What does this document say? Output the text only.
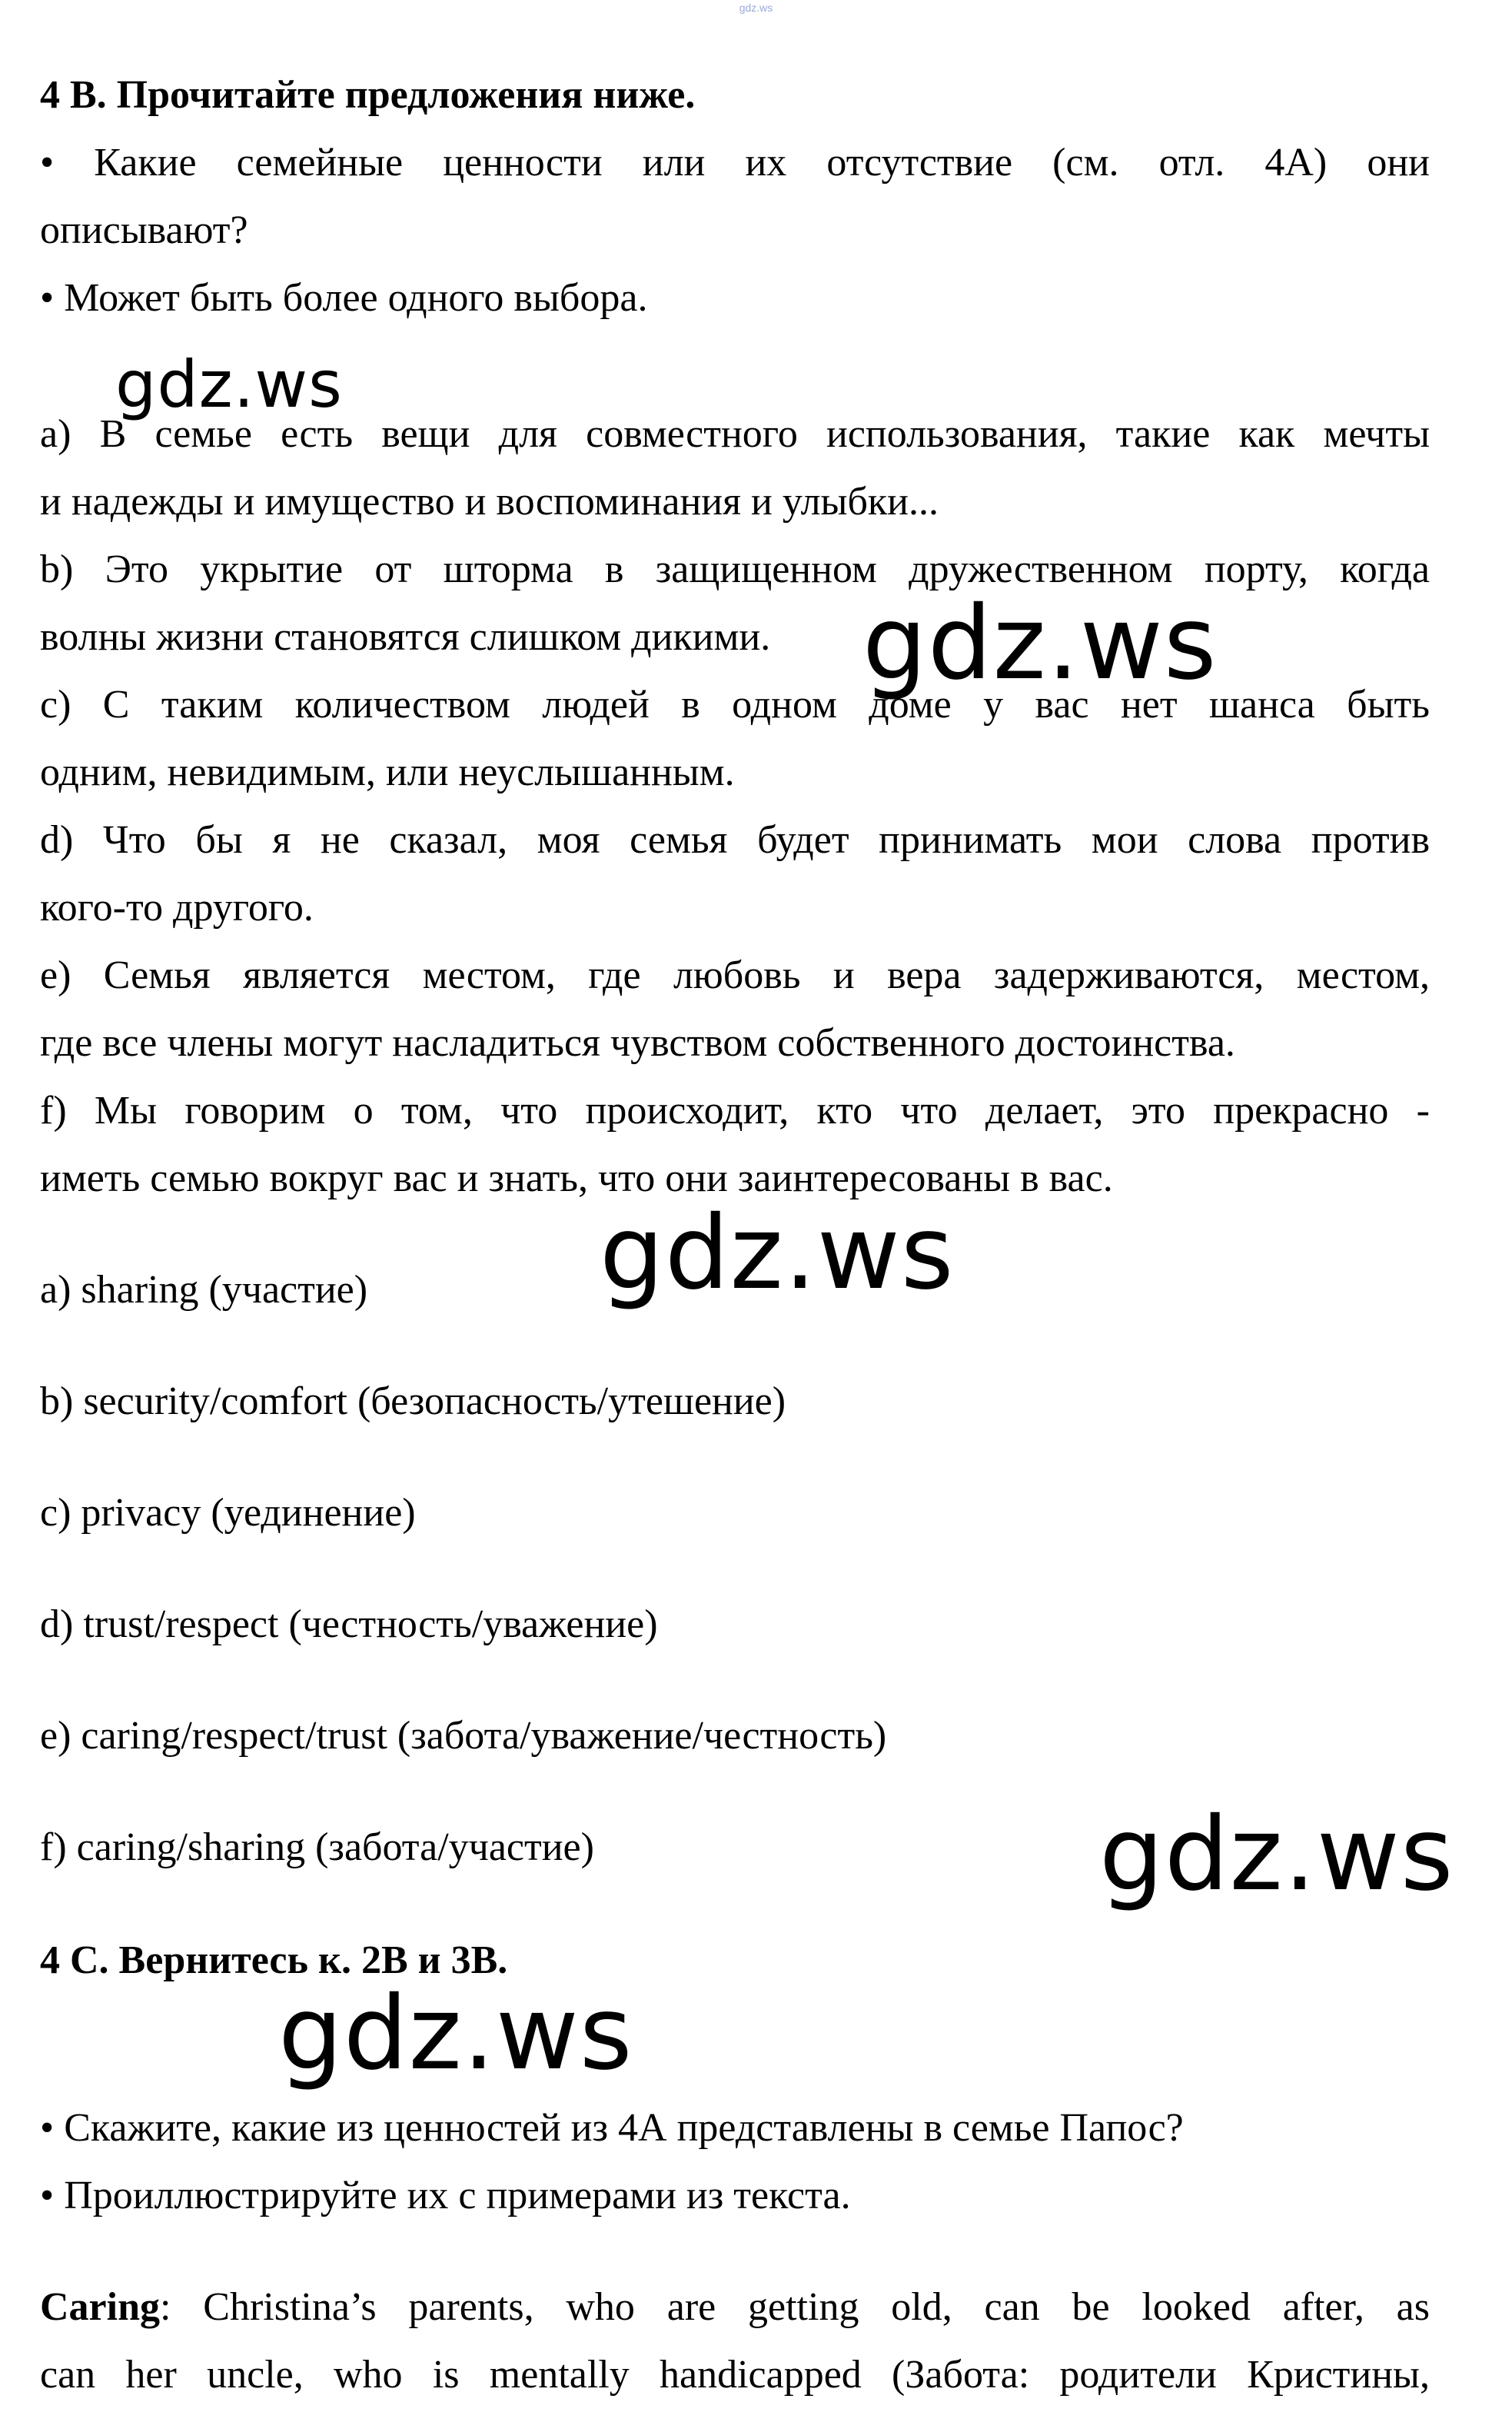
gdz.ws
4 B. Прочитайте предложения ниже.
• Какие семейные ценности или их отсутствие (см. отл. 4А) они
описывают?
• Может быть более одного выбора.
a) В семье есть вещи для совместного использования, такие как мечты
и надежды и имущество и воспоминания и улыбки...
b) Это укрытие от шторма в защищенном дружественном порту, когда
волны жизни становятся слишком дикими.
c) С таким количеством людей в одном доме у вас нет шанса быть
одним, невидимым, или неуслышанным.
d) Что бы я не сказал, моя семья будет принимать мои слова против
кого-то другого.
e) Семья является местом, где любовь и вера задерживаются, местом,
где все члены могут насладиться чувством собственного достоинства.
f) Мы говорим о том, что происходит, кто что делает, это прекрасно -
иметь семью вокруг вас и знать, что они заинтересованы в вас.
a) sharing (участие)
b) security/comfort (безопасность/утешение)
c) privacy (уединение)
d) trust/respect (честность/уважение)
e) caring/respect/trust (забота/уважение/честность)
f) caring/sharing (забота/участие)
4 C. Вернитесь к. 2B и 3B.
• Скажите, какие из ценностей из 4А представлены в семье Папос?
• Проиллюстрируйте их с примерами из текста.
Caring: Christina’s parents, who are getting old, can be looked after, as
can her uncle, who is mentally handicapped (Забота: родители Кристины,
gdz.ws
gdz.ws
gdz.ws
gdz.ws
gdz.ws
